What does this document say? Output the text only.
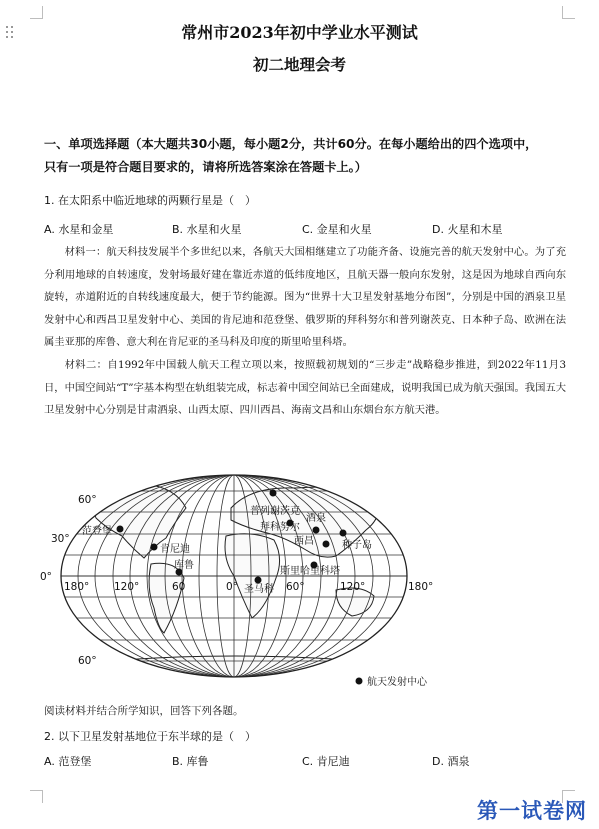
常州市2023年初中学业水平测试
初二地理会考
一、单项选择题（本大题共30小题，每小题2分，共计60分。在每小题给出的四个选项中，
只有一项是符合题目要求的，请将所选答案涂在答题卡上。）
1. 在太阳系中临近地球的两颗行星是（　）
A. 水星和金星	B. 水星和火星	C. 金星和火星	D. 火星和木星

材料一：航天科技发展半个多世纪以来，各航天大国相继建立了功能齐备、设施完善的航天发射中心。为了充分利用地球的自转速度，发射场最好建在靠近赤道的低纬度地区，且航天器一般向东发射，这是因为地球自西向东旋转，赤道附近的自转线速度最大，便于节约能源。图为“世界十大卫星发射基地分布图”，分别是中国的酒泉卫星发射中心和西昌卫星发射中心、美国的肯尼迪和范登堡、俄罗斯的拜科努尔和普列谢茨克、日本种子岛、欧洲在法属圭亚那的库鲁、意大利在肯尼亚的圣马科及印度的斯里哈里科塔。

材料二：自1992年中国载人航天工程立项以来，按照载初规划的“三步走”战略稳步推进，到2022年11月3日，中国空间站“T”字基本构型在轨组装完成，标志着中国空间站已全面建成，说明我国已成为航天强国。我国五大卫星发射中心分别是甘肃酒泉、山西太原、四川西昌、海南文昌和山东烟台东方航天港。

60°
30°
0°
60°
180° 120°	60	0°	60°	120°	180°
范登堡
肯尼迪
库鲁
普列谢茨克
拜科努尔
酒泉
西昌	种子岛
斯里哈里科塔
圣马科
航天发射中心
阅读材料并结合所学知识，回答下列各题。
2. 以下卫星发射基地位于东半球的是（　）
A. 范登堡	B. 库鲁	C. 肯尼迪	D. 酒泉
第一试卷网
